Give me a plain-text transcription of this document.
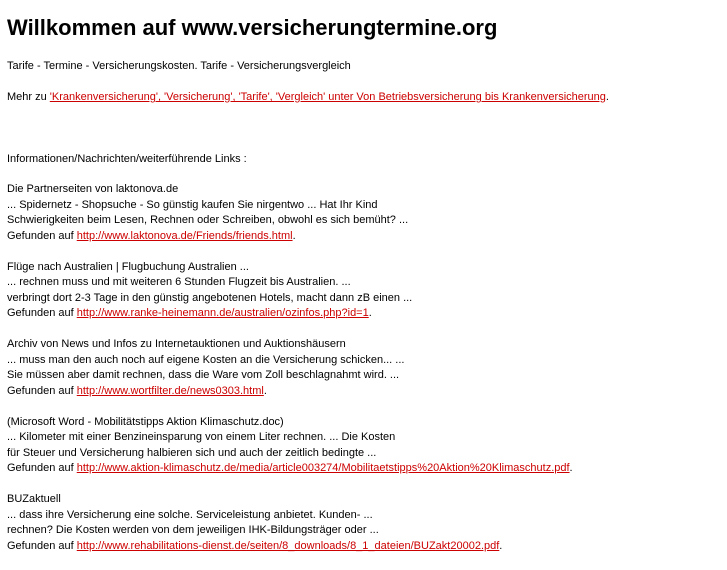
Willkommen auf www.versicherungtermine.org
Tarife - Termine - Versicherungskosten. Tarife - Versicherungsvergleich
Mehr zu 'Krankenversicherung', 'Versicherung', 'Tarife', 'Vergleich' unter Von Betriebsversicherung bis Krankenversicherung.
Informationen/Nachrichten/weiterführende Links :
Die Partnerseiten von laktonova.de
... Spidernetz - Shopsuche - So günstig kaufen Sie nirgentwo ... Hat Ihr Kind
Schwierigkeiten beim Lesen, Rechnen oder Schreiben, obwohl es sich bemüht? ...
Gefunden auf http://www.laktonova.de/Friends/friends.html.
Flüge nach Australien | Flugbuchung Australien ...
... rechnen muss und mit weiteren 6 Stunden Flugzeit bis Australien. ...
verbringt dort 2-3 Tage in den günstig angebotenen Hotels, macht dann zB einen ...
Gefunden auf http://www.ranke-heinemann.de/australien/ozinfos.php?id=1.
Archiv von News und Infos zu Internetauktionen und Auktionshäusern
... muss man den auch noch auf eigene Kosten an die Versicherung schicken... ...
Sie müssen aber damit rechnen, dass die Ware vom Zoll beschlagnahmt wird. ...
Gefunden auf http://www.wortfilter.de/news0303.html.
(Microsoft Word - Mobilitätstipps Aktion Klimaschutz.doc)
... Kilometer mit einer Benzineinsparung von einem Liter rechnen. ... Die Kosten
für Steuer und Versicherung halbieren sich und auch der zeitlich bedingte ...
Gefunden auf http://www.aktion-klimaschutz.de/media/article003274/Mobilitaetstipps%20Aktion%20Klimaschutz.pdf.
BUZaktuell
... dass ihre Versicherung eine solche. Serviceleistung anbietet. Kunden- ...
rechnen? Die Kosten werden von dem jeweiligen IHK-Bildungsträger oder ...
Gefunden auf http://www.rehabilitations-dienst.de/seiten/8_downloads/8_1_dateien/BUZakt20002.pdf.
